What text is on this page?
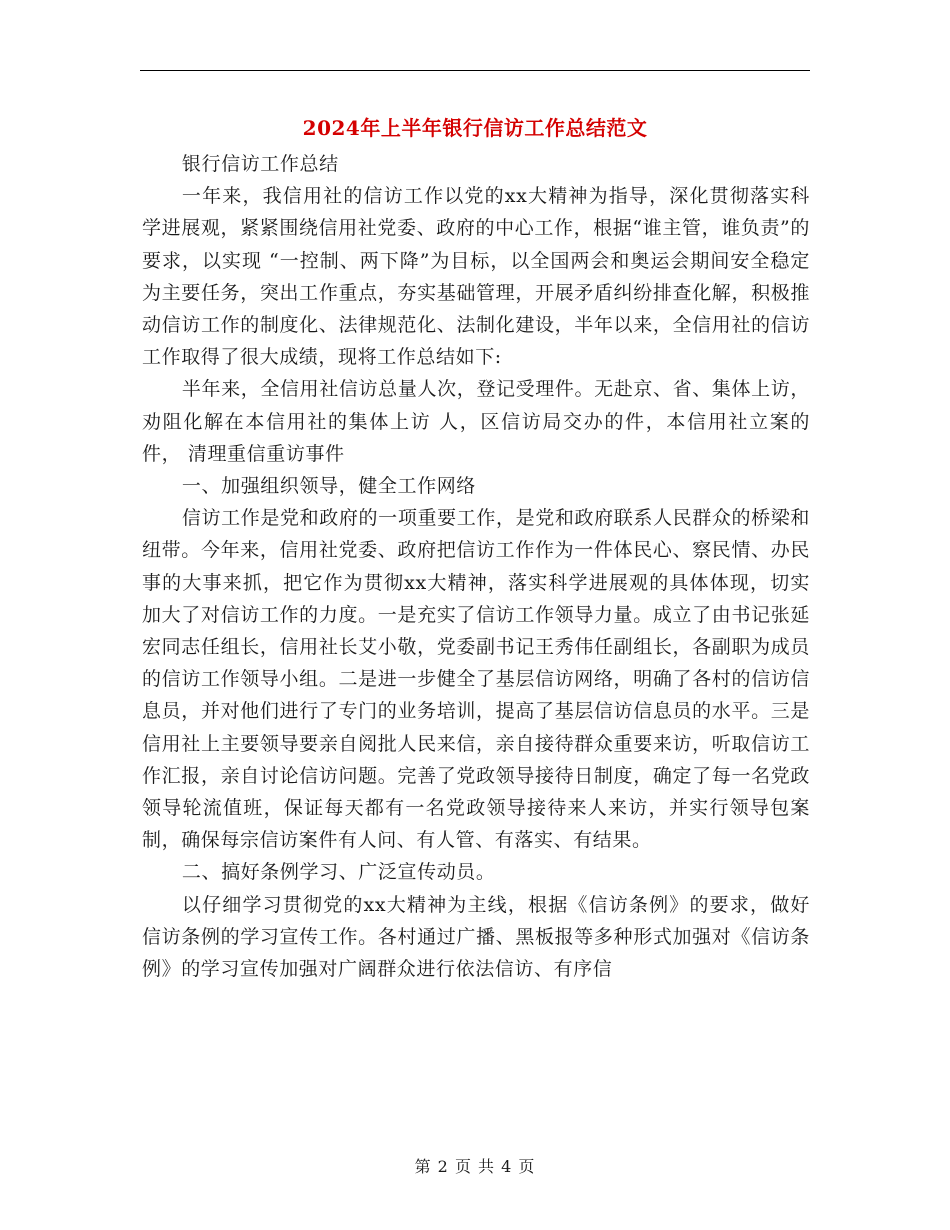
2024年上半年银行信访工作总结范文

银行信访工作总结

一年来，我信用社的信访工作以党的xx大精神为指导，深化贯彻落实科学进展观，紧紧围绕信用社党委、政府的中心工作，根据“谁主管，谁负责”的要求，以实现 “一控制、两下降”为目标，以全国两会和奥运会期间安全稳定为主要任务，突出工作重点，夯实基础管理，开展矛盾纠纷排查化解，积极推动信访工作的制度化、法律规范化、法制化建设，半年以来，全信用社的信访工作取得了很大成绩，现将工作总结如下:

半年来，全信用社信访总量人次，登记受理件。无赴京、省、集体上访，劝阻化解在本信用社的集体上访 人，区信访局交办的件，本信用社立案的件， 清理重信重访事件

一、加强组织领导，健全工作网络

信访工作是党和政府的一项重要工作，是党和政府联系人民群众的桥梁和纽带。今年来，信用社党委、政府把信访工作作为一件体民心、察民情、办民事的大事来抓，把它作为贯彻xx大精神，落实科学进展观的具体体现，切实加大了对信访工作的力度。一是充实了信访工作领导力量。成立了由书记张延宏同志任组长，信用社长艾小敬，党委副书记王秀伟任副组长，各副职为成员的信访工作领导小组。二是进一步健全了基层信访网络，明确了各村的信访信息员，并对他们进行了专门的业务培训，提高了基层信访信息员的水平。三是信用社上主要领导要亲自阅批人民来信，亲自接待群众重要来访，听取信访工作汇报，亲自讨论信访问题。完善了党政领导接待日制度，确定了每一名党政领导轮流值班，保证每天都有一名党政领导接待来人来访，并实行领导包案制，确保每宗信访案件有人问、有人管、有落实、有结果。

二、搞好条例学习、广泛宣传动员。

以仔细学习贯彻党的xx大精神为主线，根据《信访条例》的要求，做好信访条例的学习宣传工作。各村通过广播、黑板报等多种形式加强对《信访条例》的学习宣传加强对广阔群众进行依法信访、有序信

第 2 页 共 4 页
